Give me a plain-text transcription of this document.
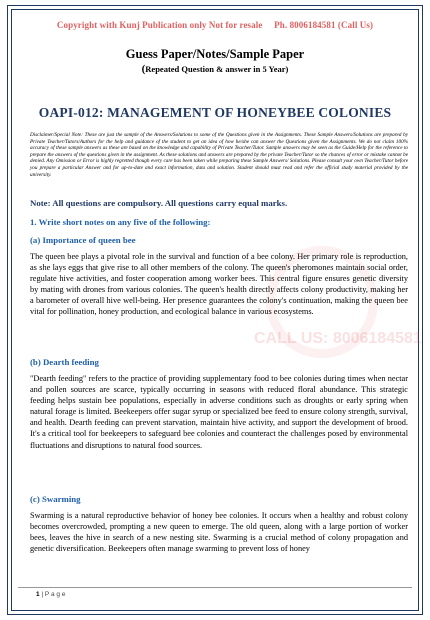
Copyright with Kunj Publication only Not for resale     Ph. 8006184581 (Call Us)
Guess Paper/Notes/Sample Paper
(Repeated Question & answer in 5 Year)
OAPI-012: MANAGEMENT OF HONEYBEE COLONIES
Disclaimer/Special Note: These are just the sample of the Answers/Solutions to some of the Questions given in the Assignments. These Sample Answers/Solutions are prepared by Private Teacher/Tutors/Authors for the help and guidance of the student to get an idea of how he/she can answer the Questions given the Assignments. We do not claim 100% accuracy of these sample answers as these are based on the knowledge and capability of Private Teacher/Tutor. Sample answers may be seen as the Guide/Help for the reference to prepare the answers of the questions given in the assignment. As these solutions and answers are prepared by the private Teacher/Tutor so the chances of error or mistake cannot be denied. Any Omission or Error is highly regretted though every care has been taken while preparing these Sample Answers/ Solutions. Please consult your own Teacher/Tutor before you prepare a particular Answer and for up-to-date and exact information, data and solution. Student should must read and refer the official study material provided by the university.
Note: All questions are compulsory. All questions carry equal marks.
1. Write short notes on any five of the following:
CALL US: 8006184581
(a) Importance of queen bee
The queen bee plays a pivotal role in the survival and function of a bee colony. Her primary role is reproduction, as she lays eggs that give rise to all other members of the colony. The queen's pheromones maintain social order, regulate hive activities, and foster cooperation among worker bees. This central figure ensures genetic diversity by mating with drones from various colonies. The queen's health directly affects colony productivity, making her a barometer of overall hive well-being. Her presence guarantees the colony's continuation, making the queen bee vital for pollination, honey production, and ecological balance in various ecosystems.
(b) Dearth feeding
"Dearth feeding" refers to the practice of providing supplementary food to bee colonies during times when nectar and pollen sources are scarce, typically occurring in seasons with reduced floral abundance. This strategic feeding helps sustain bee populations, especially in adverse conditions such as droughts or early spring when natural forage is limited. Beekeepers offer sugar syrup or specialized bee feed to ensure colony strength, survival, and health. Dearth feeding can prevent starvation, maintain hive activity, and support the development of brood. It's a critical tool for beekeepers to safeguard bee colonies and counteract the challenges posed by environmental fluctuations and disruptions to natural food sources.
(c) Swarming
Swarming is a natural reproductive behavior of honey bee colonies. It occurs when a healthy and robust colony becomes overcrowded, prompting a new queen to emerge. The old queen, along with a large portion of worker bees, leaves the hive in search of a new nesting site. Swarming is a crucial method of colony propagation and genetic diversification. Beekeepers often manage swarming to prevent loss of honey
1 | P a g e
